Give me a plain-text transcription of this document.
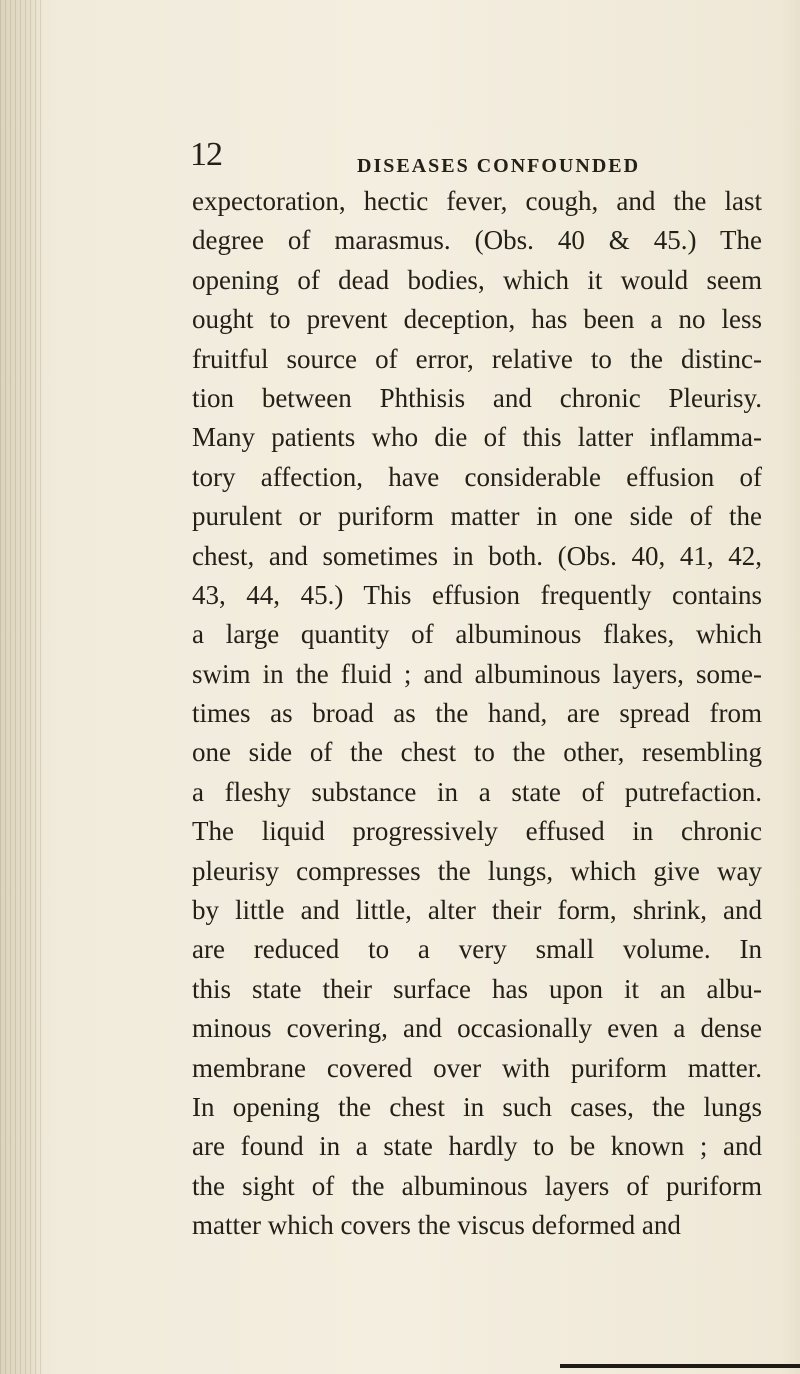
12	DISEASES CONFOUNDED
expectoration, hectic fever, cough, and the last
degree of marasmus. (Obs. 40 & 45.) The
opening of dead bodies, which it would seem
ought to prevent deception, has been a no less
fruitful source of error, relative to the distinc-
tion between Phthisis and chronic Pleurisy.
Many patients who die of this latter inflamma-
tory affection, have considerable effusion of
purulent or puriform matter in one side of the
chest, and sometimes in both. (Obs. 40, 41, 42,
43, 44, 45.) This effusion frequently contains
a large quantity of albuminous flakes, which
swim in the fluid ; and albuminous layers, some-
times as broad as the hand, are spread from
one side of the chest to the other, resembling
a fleshy substance in a state of putrefaction.
The liquid progressively effused in chronic
pleurisy compresses the lungs, which give way
by little and little, alter their form, shrink, and
are reduced to a very small volume. In
this state their surface has upon it an albu-
minous covering, and occasionally even a dense
membrane covered over with puriform matter.
In opening the chest in such cases, the lungs
are found in a state hardly to be known ; and
the sight of the albuminous layers of puriform
matter which covers the viscus deformed and
